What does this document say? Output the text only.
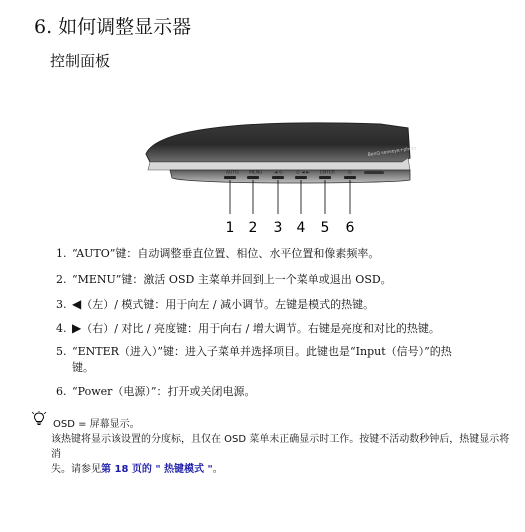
6. 如何调整显示器
控制面板
BenQ senseye+photo
AUTO MENU	◄ ⊙	⊙ ◄ ► ENTER	⏻
1 2 3 4 5 6
1. “AUTO”键：自动调整垂直位置、相位、水平位置和像素频率。
2. “MENU”键：激活 OSD 主菜单并回到上一个菜单或退出 OSD。
3. ◀（左）/ 模式键：用于向左 / 减小调节。左键是模式的热键。
4. ▶（右）/ 对比 / 亮度键：用于向右 / 增大调节。右键是亮度和对比的热键。
5. “ENTER（进入）”键：进入子菜单并选择项目。此键也是“Input（信号）”的热
键。
6. “Power（电源）”：打开或关闭电源。
OSD = 屏幕显示。
该热键将显示该设置的分度标，且仅在 OSD 菜单未正确显示时工作。按键不活动数秒钟后，热键显示将消
失。请参见第 18 页的 " 热键模式 "。
